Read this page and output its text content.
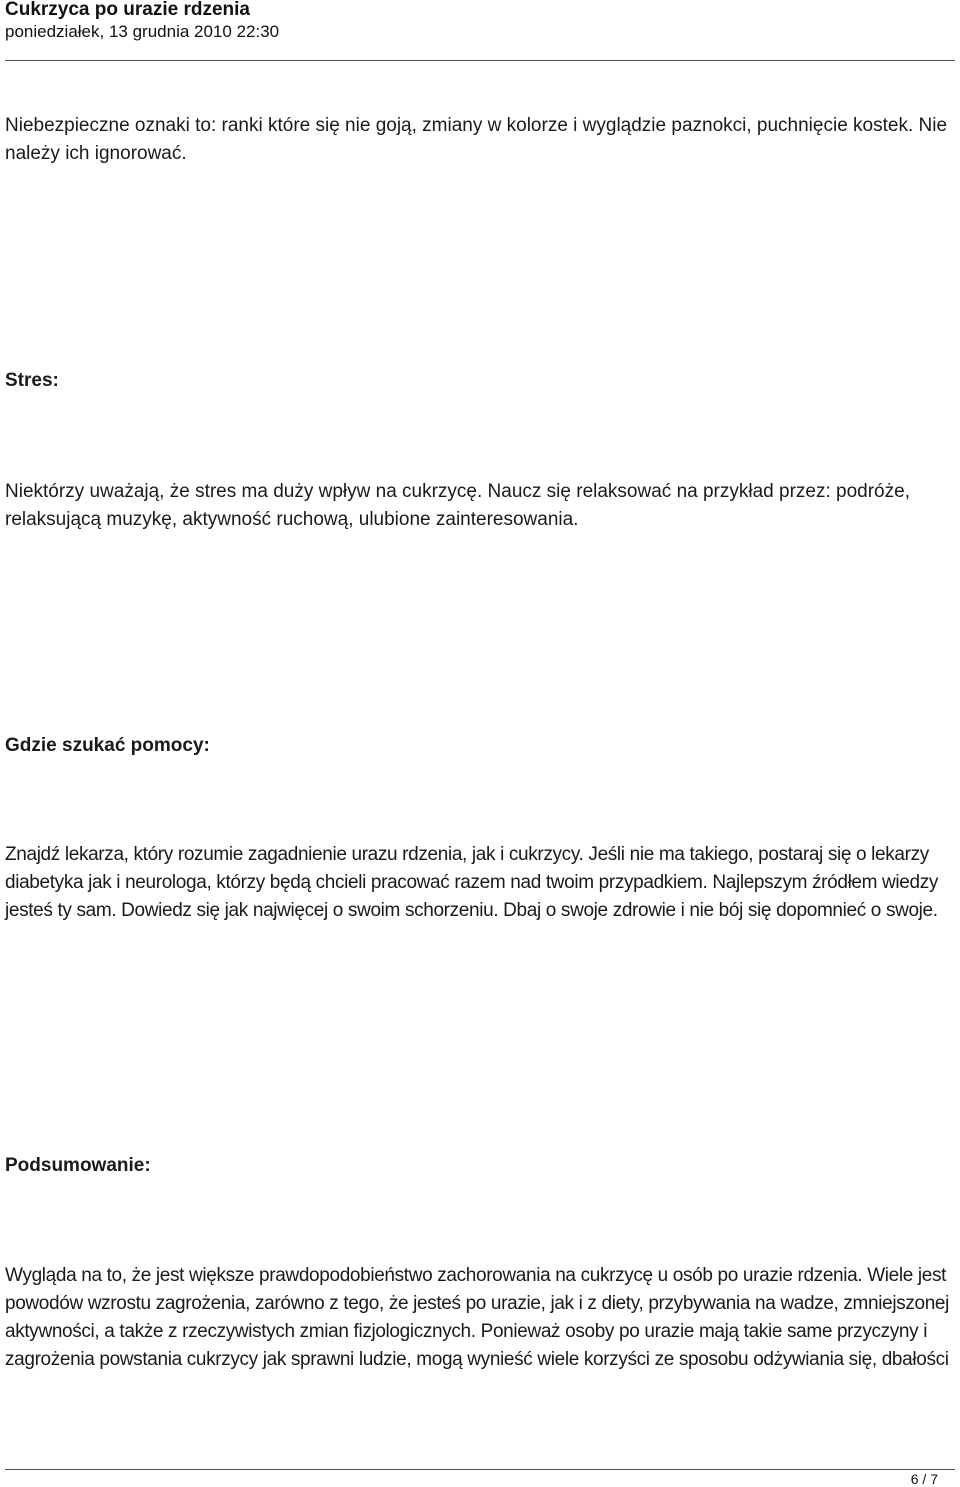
Cukrzyca po urazie rdzenia

poniedziałek, 13 grudnia 2010 22:30

Niebezpieczne oznaki to: ranki które się nie goją, zmiany w kolorze i wyglądzie paznokci, puchnięcie kostek. Nie należy ich ignorować.

Stres:

Niektórzy uważają, że stres ma duży wpływ na cukrzycę. Naucz się relaksować na przykład przez: podróże, relaksującą muzykę, aktywność ruchową, ulubione zainteresowania.

Gdzie szukać pomocy:

Znajdź lekarza, który rozumie zagadnienie urazu rdzenia, jak i cukrzycy. Jeśli nie ma takiego, postaraj się o lekarzy diabetyka jak i neurologa, którzy będą chcieli pracować razem nad twoim przypadkiem. Najlepszym źródłem wiedzy jesteś ty sam. Dowiedz się jak najwięcej o swoim schorzeniu. Dbaj o swoje zdrowie i nie bój się dopomnieć o swoje.

Podsumowanie:

Wygląda na to, że jest większe prawdopodobieństwo zachorowania na cukrzycę u osób po urazie rdzenia. Wiele jest powodów wzrostu zagrożenia, zarówno z tego, że jesteś po urazie, jak i z diety, przybywania na wadze, zmniejszonej aktywności, a także z rzeczywistych zmian fizjologicznych. Ponieważ osoby po urazie mają takie same przyczyny i zagrożenia powstania cukrzycy jak sprawni ludzie, mogą wynieść wiele korzyści ze sposobu odżywiania się, dbałości

6 / 7
